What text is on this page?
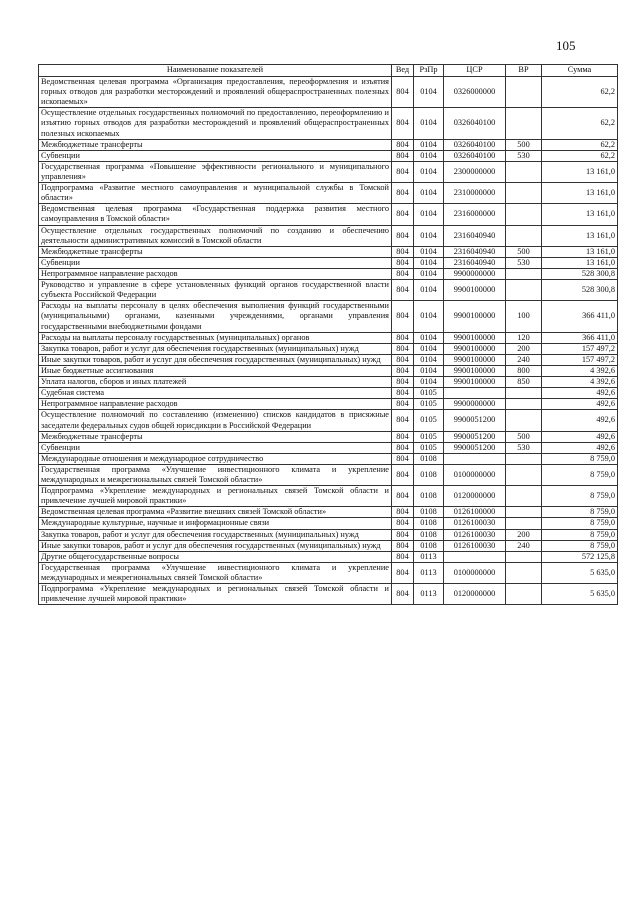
105
Наименование показателей	Вед	РзПр	ЦСР	ВР	Сумма
Ведомственная целевая программа «Организация предоставления, переоформления и изъятия горных отводов для разработки месторождений и проявлений общераспространенных полезных ископаемых»	804	0104	0326000000		62,2
Осуществление отдельных государственных полномочий по предоставлению, переоформлению и изъятию горных отводов для разработки месторождений и проявлений общераспространенных полезных ископаемых	804	0104	0326040100		62,2
Межбюджетные трансферты	804	0104	0326040100	500	62,2
Субвенции	804	0104	0326040100	530	62,2
Государственная программа «Повышение эффективности регионального и муниципального управления»	804	0104	2300000000		13 161,0
Подпрограмма «Развитие местного самоуправления и муниципальной службы в Томской области»	804	0104	2310000000		13 161,0
Ведомственная целевая программа «Государственная поддержка развития местного самоуправления в Томской области»	804	0104	2316000000		13 161,0
Осуществление отдельных государственных полномочий по созданию и обеспечению деятельности административных комиссий в Томской области	804	0104	2316040940		13 161,0
Межбюджетные трансферты	804	0104	2316040940	500	13 161,0
Субвенции	804	0104	2316040940	530	13 161,0
Непрограммное направление расходов	804	0104	9900000000		528 300,8
Руководство и управление в сфере установленных функций органов государственной власти субъекта Российской Федерации	804	0104	9900100000		528 300,8
Расходы на выплаты персоналу в целях обеспечения выполнения функций государственными (муниципальными) органами, казенными учреждениями, органами управления государственными внебюджетными фондами	804	0104	9900100000	100	366 411,0
Расходы на выплаты персоналу государственных (муниципальных) органов	804	0104	9900100000	120	366 411,0
Закупка товаров, работ и услуг для обеспечения государственных (муниципальных) нужд	804	0104	9900100000	200	157 497,2
Иные закупки товаров, работ и услуг для обеспечения государственных (муниципальных) нужд	804	0104	9900100000	240	157 497,2
Иные бюджетные ассигнования	804	0104	9900100000	800	4 392,6
Уплата налогов, сборов и иных платежей	804	0104	9900100000	850	4 392,6
Судебная система	804	0105			492,6
Непрограммное направление расходов	804	0105	9900000000		492,6
Осуществление полномочий по составлению (изменению) списков кандидатов в присяжные заседатели федеральных судов общей юрисдикции в Российской Федерации	804	0105	9900051200		492,6
Межбюджетные трансферты	804	0105	9900051200	500	492,6
Субвенции	804	0105	9900051200	530	492,6
Международные отношения и международное сотрудничество	804	0108			8 759,0
Государственная программа «Улучшение инвестиционного климата и укрепление международных и межрегиональных связей Томской области»	804	0108	0100000000		8 759,0
Подпрограмма «Укрепление международных и региональных связей Томской области и привлечение лучшей мировой практики»	804	0108	0120000000		8 759,0
Ведомственная целевая программа «Развитие внешних связей Томской области»	804	0108	0126100000		8 759,0
Международные культурные, научные и информационные связи	804	0108	0126100030		8 759,0
Закупка товаров, работ и услуг для обеспечения государственных (муниципальных) нужд	804	0108	0126100030	200	8 759,0
Иные закупки товаров, работ и услуг для обеспечения государственных (муниципальных) нужд	804	0108	0126100030	240	8 759,0
Другие общегосударственные вопросы	804	0113			572 125,8
Государственная программа «Улучшение инвестиционного климата и укрепление международных и межрегиональных связей Томской области»	804	0113	0100000000		5 635,0
Подпрограмма «Укрепление международных и региональных связей Томской области и привлечение лучшей мировой практики»	804	0113	0120000000		5 635,0
